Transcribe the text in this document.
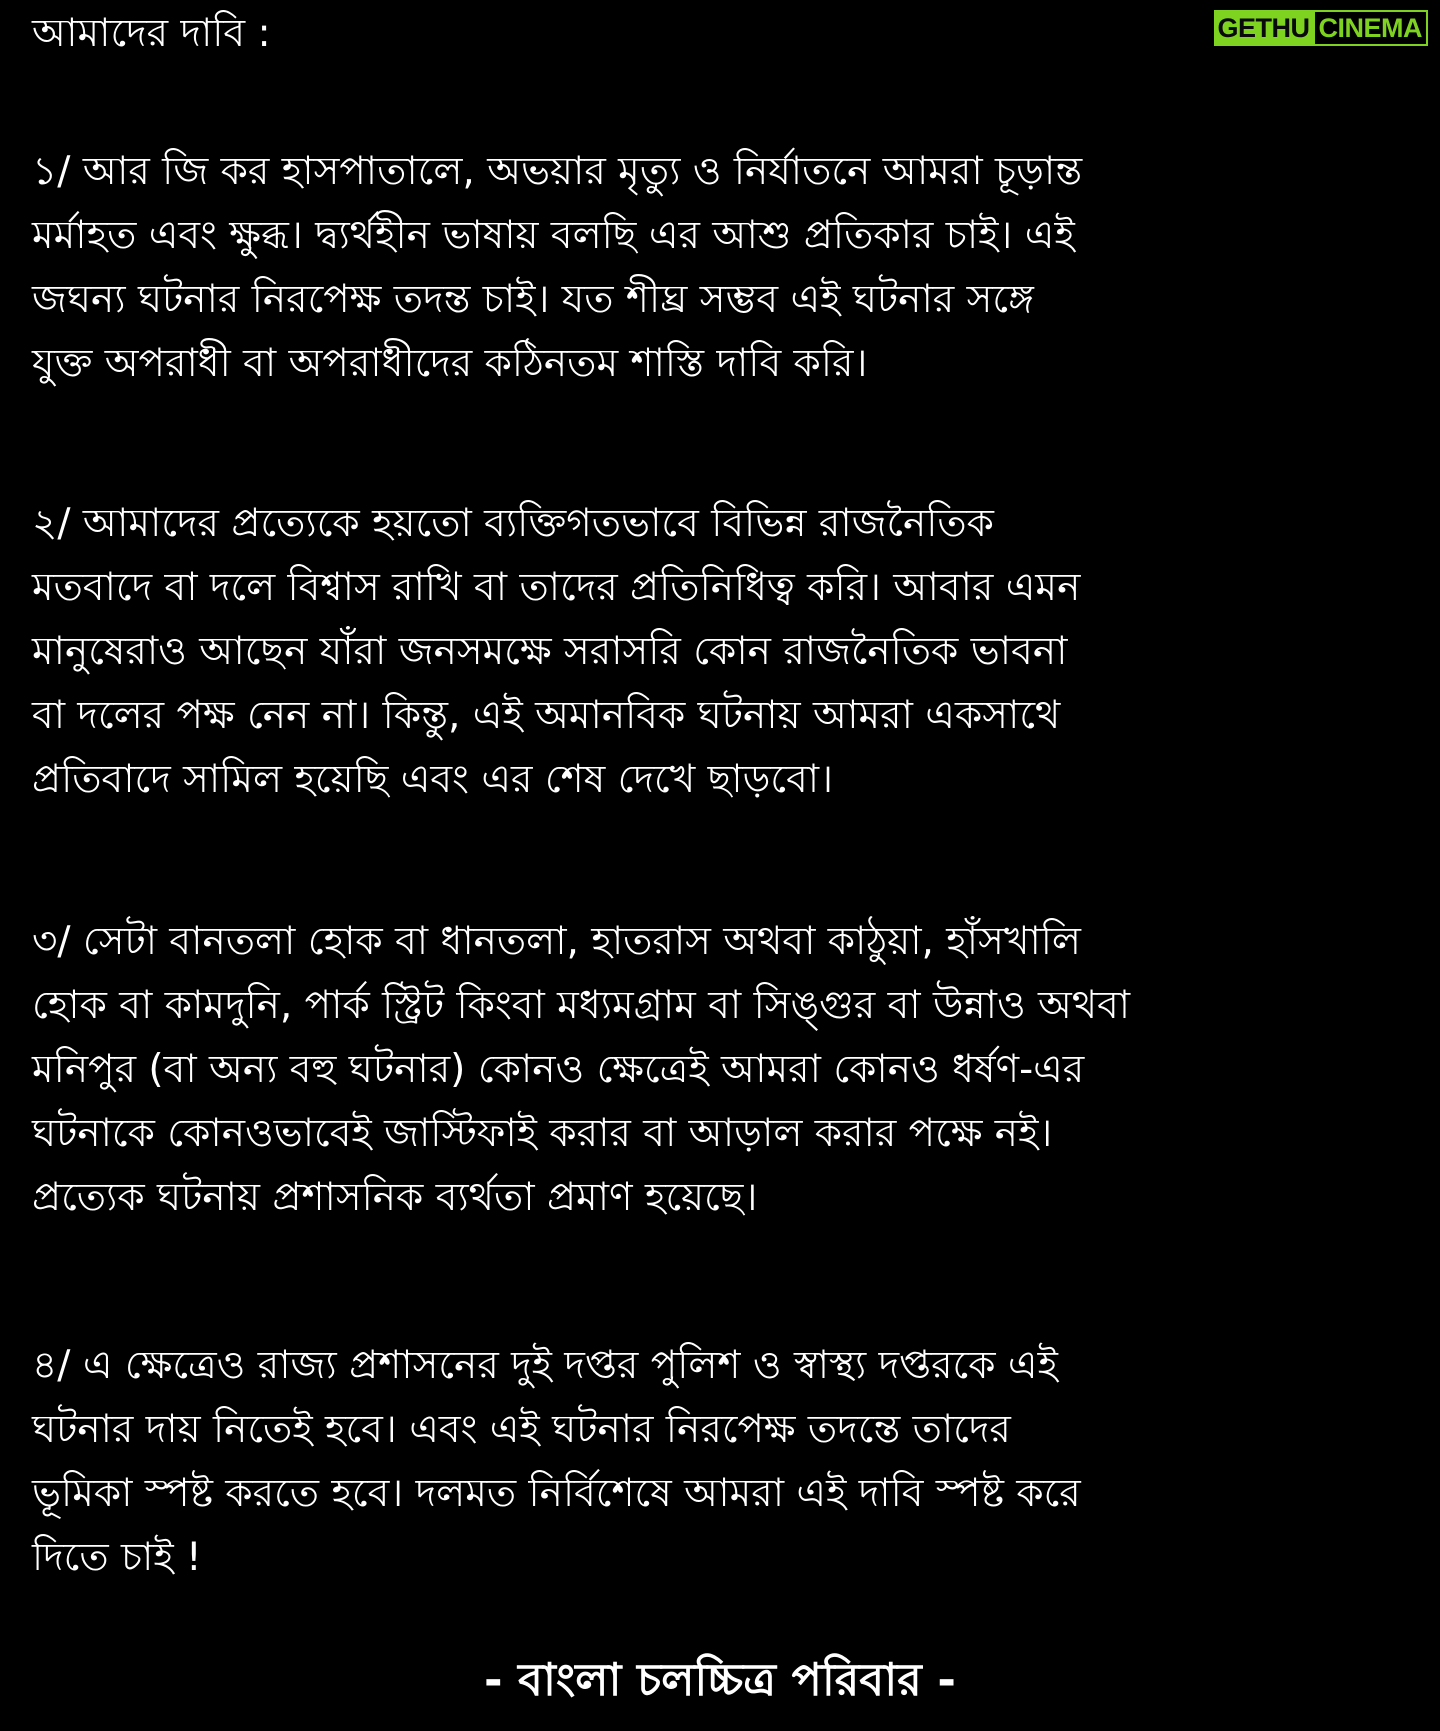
GETHU CINEMA
আমাদের দাবি :
১/ আর জি কর হাসপাতালে, অভয়ার মৃত্যু ও নির্যাতনে আমরা চূড়ান্ত
মর্মাহত এবং ক্ষুব্ধ। দ্ব্যর্থহীন ভাষায় বলছি এর আশু প্রতিকার চাই। এই
জঘন্য ঘটনার নিরপেক্ষ তদন্ত চাই। যত শীঘ্র সম্ভব এই ঘটনার সঙ্গে
যুক্ত অপরাধী বা অপরাধীদের কঠিনতম শাস্তি দাবি করি।
২/ আমাদের প্রত্যেকে হয়তো ব্যক্তিগতভাবে বিভিন্ন রাজনৈতিক
মতবাদে বা দলে বিশ্বাস রাখি বা তাদের প্রতিনিধিত্ব করি। আবার এমন
মানুষেরাও আছেন যাঁরা জনসমক্ষে সরাসরি কোন রাজনৈতিক ভাবনা
বা দলের পক্ষ নেন না। কিন্তু, এই অমানবিক ঘটনায় আমরা একসাথে
প্রতিবাদে সামিল হয়েছি এবং এর শেষ দেখে ছাড়বো।
৩/ সেটা বানতলা হোক বা ধানতলা, হাতরাস অথবা কাঠুয়া, হাঁসখালি
হোক বা কামদুনি, পার্ক স্ট্রিট কিংবা মধ্যমগ্রাম বা সিঙ্গুর বা উন্নাও অথবা
মনিপুর (বা অন্য বহু ঘটনার) কোনও ক্ষেত্রেই আমরা কোনও ধর্ষণ-এর
ঘটনাকে কোনওভাবেই জাস্টিফাই করার বা আড়াল করার পক্ষে নই।
প্রত্যেক ঘটনায় প্রশাসনিক ব্যর্থতা প্রমাণ হয়েছে।
৪/ এ ক্ষেত্রেও রাজ্য প্রশাসনের দুই দপ্তর পুলিশ ও স্বাস্থ্য দপ্তরকে এই
ঘটনার দায় নিতেই হবে। এবং এই ঘটনার নিরপেক্ষ তদন্তে তাদের
ভূমিকা স্পষ্ট করতে হবে। দলমত নির্বিশেষে আমরা এই দাবি স্পষ্ট করে
দিতে চাই !
- বাংলা চলচ্চিত্র পরিবার -
